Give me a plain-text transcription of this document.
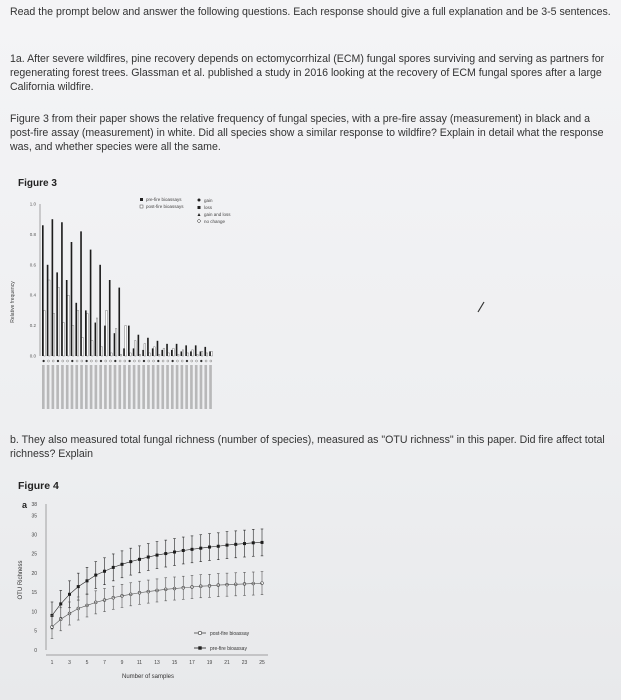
Read the prompt below and answer the following questions. Each response should give a full explanation and be 3-5 sentences.
1a. After severe wildfires, pine recovery depends on ectomycorrhizal (ECM) fungal spores surviving and serving as partners for regenerating forest trees. Glassman et al. published a study in 2016 looking at the recovery of ECM fungal spores after a large California wildfire.
Figure 3 from their paper shows the relative frequency of fungal species, with a pre-fire assay (measurement) in black and a post-fire assay (measurement) in white. Did all species show a similar response to wildfire? Explain in detail what the response was, and whether species were all the same.
Figure 3
Relative frequency
0.0
0.2
0.4
0.6
0.8
1.0
pre-fire bioassays
post-fire bioassays
gain
loss
gain and loss
no change
b. They also measured total fungal richness (number of species), measured as "OTU richness" in this paper. Did fire affect total richness? Explain
Figure 4
a
OTU Richness
0
5
10
15
20
25
30
35
38
1	3	5	7	9	11 13 15 17 19 21 23 25
Number of samples
post-fire bioassay
pre-fire bioassay
